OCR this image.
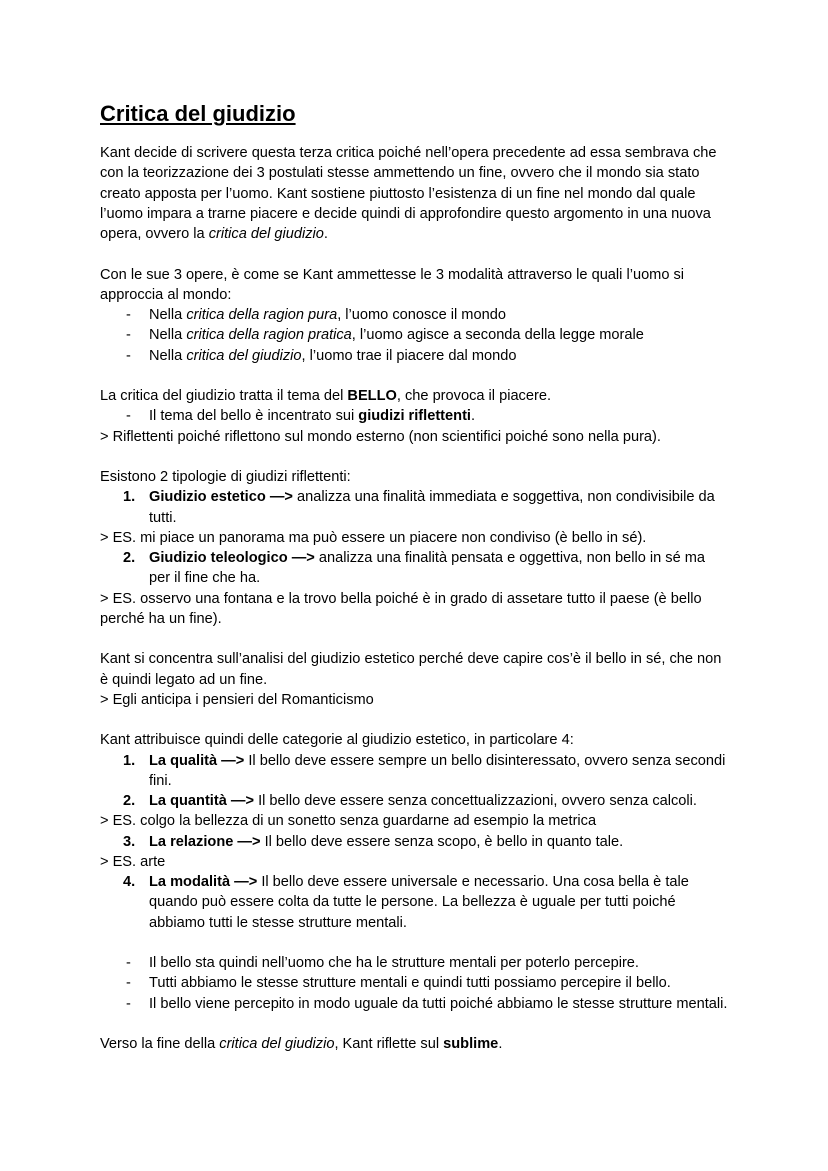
Critica del giudizio

Kant decide di scrivere questa terza critica poiché nell’opera precedente ad essa sembrava che con la teorizzazione dei 3 postulati stesse ammettendo un fine, ovvero che il mondo sia stato creato apposta per l’uomo. Kant sostiene piuttosto l’esistenza di un fine nel mondo dal quale l’uomo impara a trarne piacere e decide quindi di approfondire questo argomento in una nuova opera, ovvero la critica del giudizio.

Con le sue 3 opere, è come se Kant ammettesse le 3 modalità attraverso le quali l’uomo si approccia al mondo:

- Nella critica della ragion pura, l’uomo conosce il mondo
- Nella critica della ragion pratica, l’uomo agisce a seconda della legge morale
- Nella critica del giudizio, l’uomo trae il piacere dal mondo

La critica del giudizio tratta il tema del BELLO, che provoca il piacere.

- Il tema del bello è incentrato sui giudizi riflettenti.

> Riflettenti poiché riflettono sul mondo esterno (non scientifici poiché sono nella pura).

Esistono 2 tipologie di giudizi riflettenti:

1. Giudizio estetico —> analizza una finalità immediata e soggettiva, non condivisibile da tutti.

> ES. mi piace un panorama ma può essere un piacere non condiviso (è bello in sé).

2. Giudizio teleologico —> analizza una finalità pensata e oggettiva, non bello in sé ma per il fine che ha.

> ES. osservo una fontana e la trovo bella poiché è in grado di assetare tutto il paese (è bello perché ha un fine).

Kant si concentra sull’analisi del giudizio estetico perché deve capire cos’è il bello in sé, che non è quindi legato ad un fine.

> Egli anticipa i pensieri del Romanticismo

Kant attribuisce quindi delle categorie al giudizio estetico, in particolare 4:

1. La qualità —> Il bello deve essere sempre un bello disinteressato, ovvero senza secondi fini.
2. La quantità —> Il bello deve essere senza concettualizzazioni, ovvero senza calcoli.

> ES. colgo la bellezza di un sonetto senza guardarne ad esempio la metrica

3. La relazione —> Il bello deve essere senza scopo, è bello in quanto tale.

> ES. arte

4. La modalità —> Il bello deve essere universale e necessario. Una cosa bella è tale quando può essere colta da tutte le persone. La bellezza è uguale per tutti poiché abbiamo tutti le stesse strutture mentali.
- Il bello sta quindi nell’uomo che ha le strutture mentali per poterlo percepire.
- Tutti abbiamo le stesse strutture mentali e quindi tutti possiamo percepire il bello.
- Il bello viene percepito in modo uguale da tutti poiché abbiamo le stesse strutture mentali.

Verso la fine della critica del giudizio, Kant riflette sul sublime.
